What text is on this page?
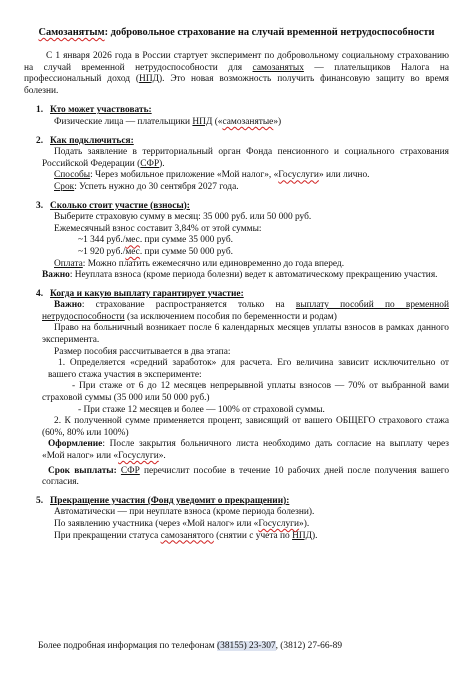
Самозанятым: добровольное страхование на случай временной нетрудоспособности

С 1 января 2026 года в России стартует эксперимент по добровольному социальному страхованию на случай временной нетрудоспособности для самозанятых — плательщиков Налога на профессиональный доход (НПД). Это новая возможность получить финансовую защиту во время болезни.

1. Кто может участвовать:

Физические лица — плательщики НПД («самозанятые»)

2. Как подключиться:

Подать заявление в территориальный орган Фонда пенсионного и социального страхования Российской Федерации (СФР).

Способы: Через мобильное приложение «Мой налог», «Госуслуги» или лично.

Срок: Успеть нужно до 30 сентября 2027 года.

3. Сколько стоит участие (взносы):

Выберите страховую сумму в месяц: 35 000 руб. или 50 000 руб.

Ежемесячный взнос составит 3,84% от этой суммы:

~1 344 руб./мес. при сумме 35 000 руб.

~1 920 руб./мес. при сумме 50 000 руб.

Оплата: Можно платить ежемесячно или единовременно до года вперед.

Важно: Неуплата взноса (кроме периода болезни) ведет к автоматическому прекращению участия.

4. Когда и какую выплату гарантирует участие:

Важно: страхование распространяется только на выплату пособий по временной нетрудоспособности (за исключением пособия по беременности и родам)

Право на больничный возникает после 6 календарных месяцев уплаты взносов в рамках данного эксперимента.

Размер пособия рассчитывается в два этапа:

1. Определяется «средний заработок» для расчета. Его величина зависит исключительно от вашего стажа участия в эксперименте:

- При стаже от 6 до 12 месяцев непрерывной уплаты взносов — 70% от выбранной вами страховой суммы (35 000 или 50 000 руб.)

- При стаже 12 месяцев и более — 100% от страховой суммы.

2. К полученной сумме применяется процент, зависящий от вашего ОБЩЕГО страхового стажа (60%, 80% или 100%)

Оформление: После закрытия больничного листа необходимо дать согласие на выплату через «Мой налог» или «Госуслуги».

Срок выплаты: СФР перечислит пособие в течение 10 рабочих дней после получения вашего согласия.

5. Прекращение участия (Фонд уведомит о прекращении):

Автоматически — при неуплате взноса (кроме периода болезни).

По заявлению участника (через «Мой налог» или «Госуслуги»).

При прекращении статуса самозанятого (снятии с учета по НПД).

Более подробная информация по телефонам (38155) 23-307, (3812) 27-66-89
